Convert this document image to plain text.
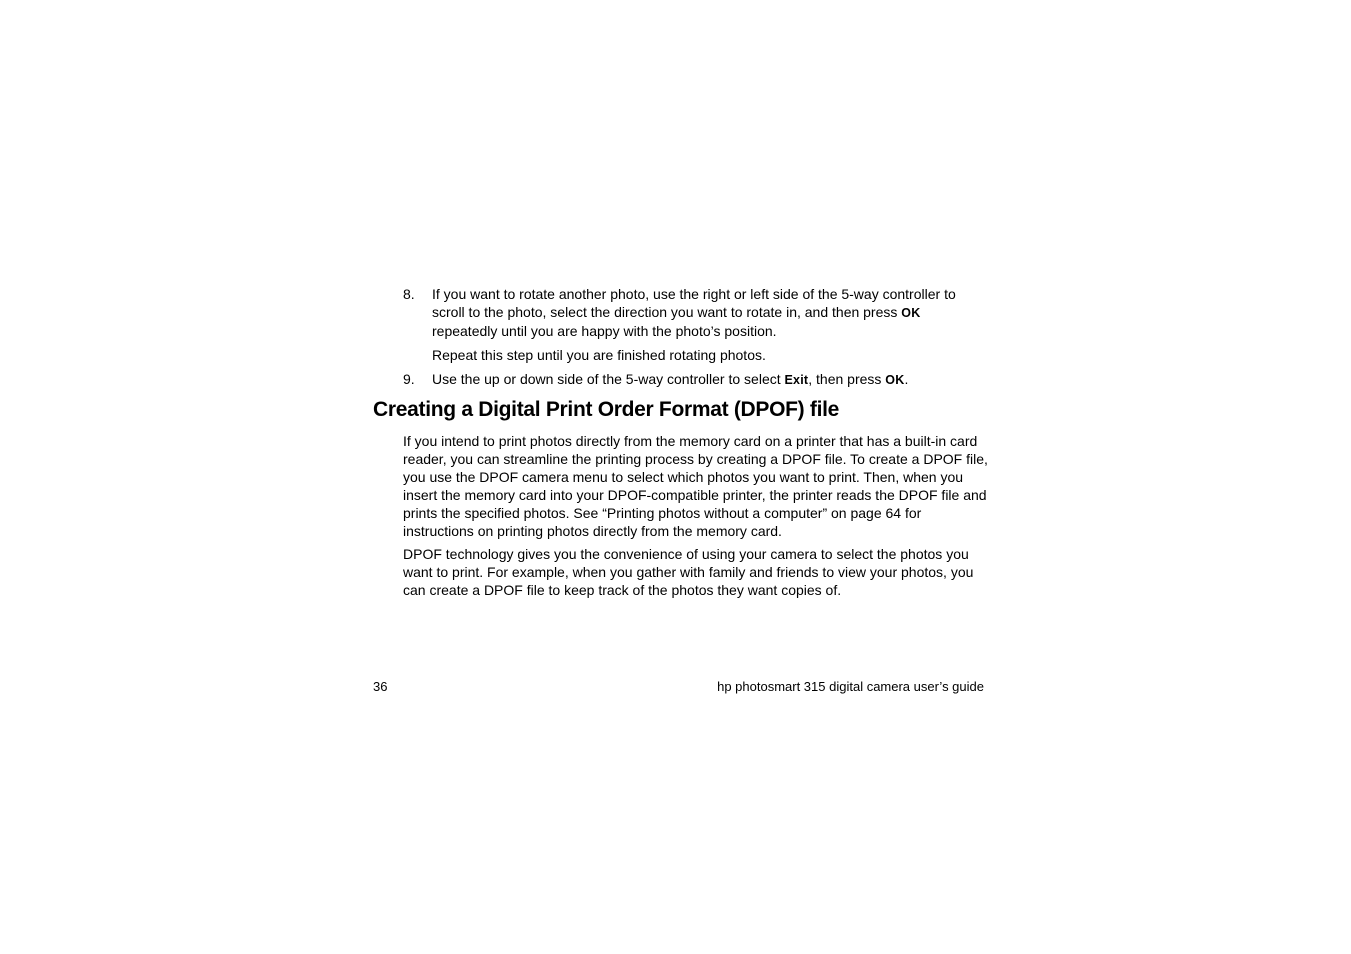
8. If you want to rotate another photo, use the right or left side of the 5-way controller to scroll to the photo, select the direction you want to rotate in, and then press OK repeatedly until you are happy with the photo’s position.
Repeat this step until you are finished rotating photos.
9. Use the up or down side of the 5-way controller to select Exit, then press OK.
Creating a Digital Print Order Format (DPOF) file

If you intend to print photos directly from the memory card on a printer that has a built-in card reader, you can streamline the printing process by creating a DPOF file. To create a DPOF file, you use the DPOF camera menu to select which photos you want to print. Then, when you insert the memory card into your DPOF-compatible printer, the printer reads the DPOF file and prints the specified photos. See “Printing photos without a computer” on page 64 for instructions on printing photos directly from the memory card.

DPOF technology gives you the convenience of using your camera to select the photos you want to print. For example, when you gather with family and friends to view your photos, you can create a DPOF file to keep track of the photos they want copies of.

36	hp photosmart 315 digital camera user’s guide
